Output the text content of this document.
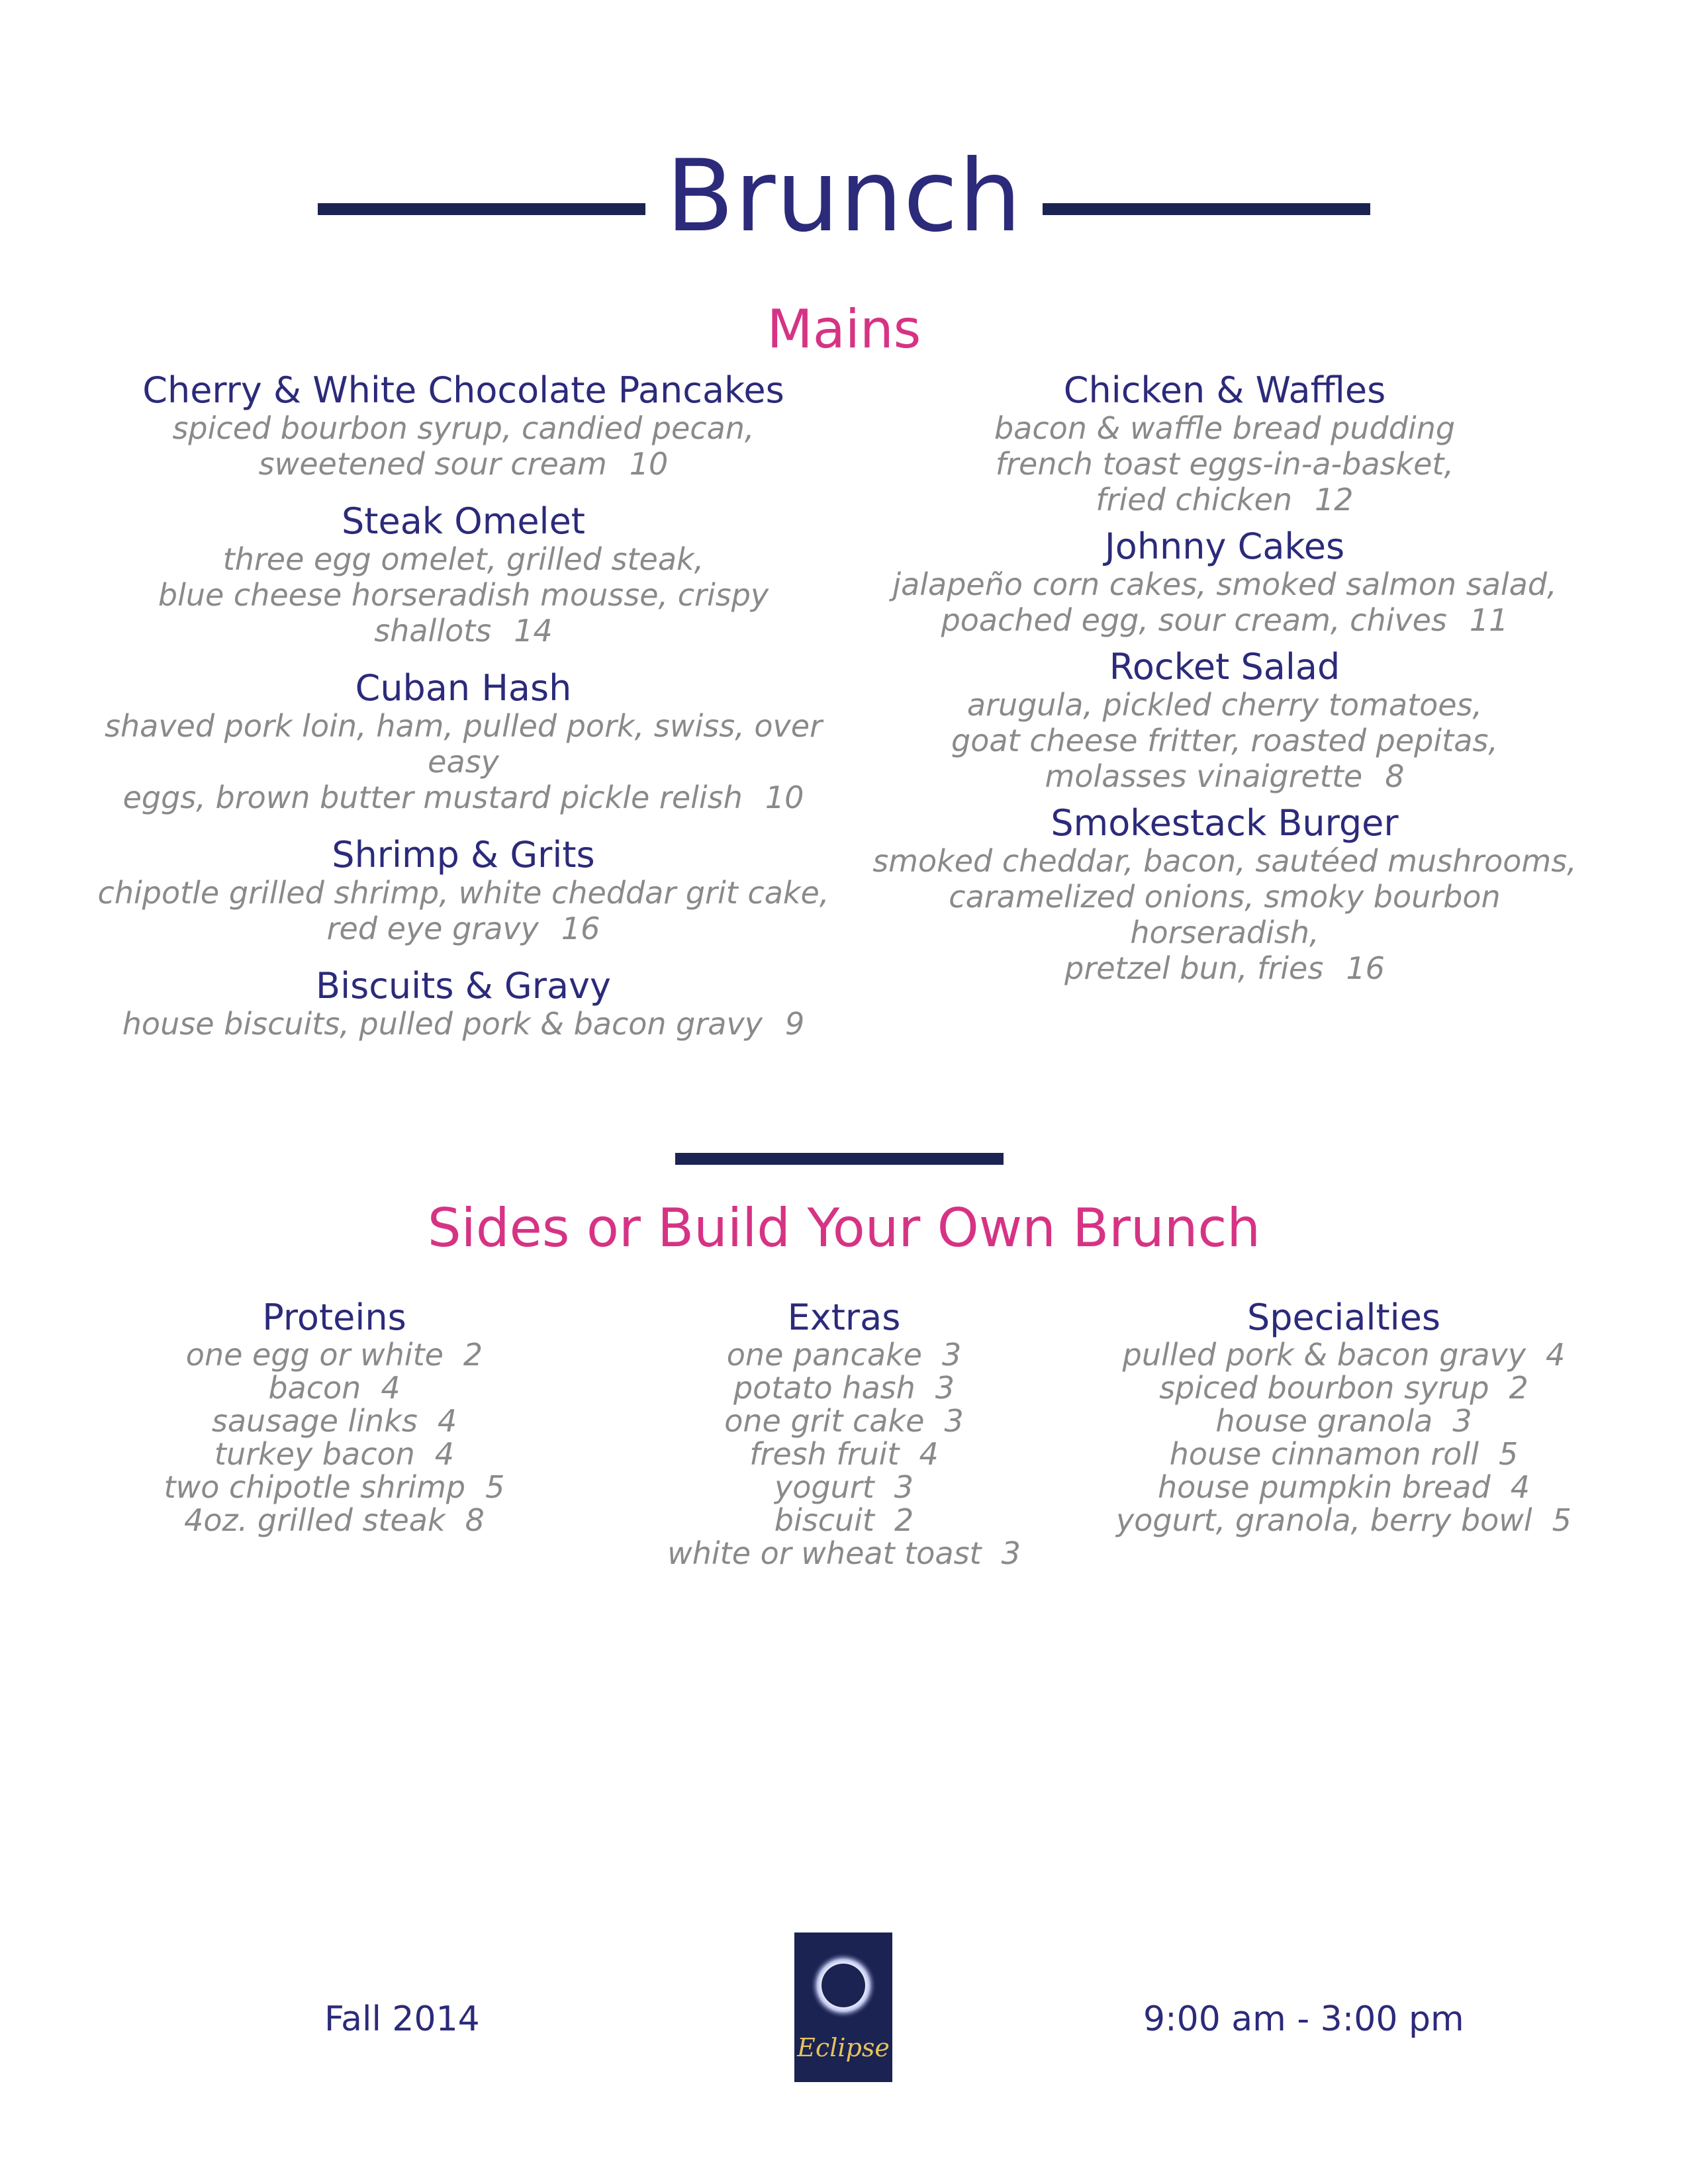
Brunch
Mains
Cherry & White Chocolate Pancakes
spiced bourbon syrup, candied pecan,
sweetened sour cream 10
Steak Omelet
three egg omelet, grilled steak,
blue cheese horseradish mousse, crispy shallots 14
Cuban Hash
shaved pork loin, ham, pulled pork, swiss, over easy
eggs, brown butter mustard pickle relish 10
Shrimp & Grits
chipotle grilled shrimp, white cheddar grit cake,
red eye gravy 16
Biscuits & Gravy
house biscuits, pulled pork & bacon gravy 9
Chicken & Waffles
bacon & waffle bread pudding
french toast eggs-in-a-basket,
fried chicken 12
Johnny Cakes
jalapeño corn cakes, smoked salmon salad,
poached egg, sour cream, chives 11
Rocket Salad
arugula, pickled cherry tomatoes,
goat cheese fritter, roasted pepitas,
molasses vinaigrette 8
Smokestack Burger
smoked cheddar, bacon, sautéed mushrooms,
caramelized onions, smoky bourbon horseradish,
pretzel bun, fries 16
Sides or Build Your Own Brunch
Proteins
one egg or white 2
bacon 4
sausage links 4
turkey bacon 4
two chipotle shrimp 5
4oz. grilled steak 8
Extras
one pancake 3
potato hash 3
one grit cake 3
fresh fruit 4
yogurt 3
biscuit 2
white or wheat toast 3
Specialties
pulled pork & bacon gravy 4
spiced bourbon syrup 2
house granola 3
house cinnamon roll 5
house pumpkin bread 4
yogurt, granola, berry bowl 5
Fall 2014
Eclipse
9:00 am - 3:00 pm
